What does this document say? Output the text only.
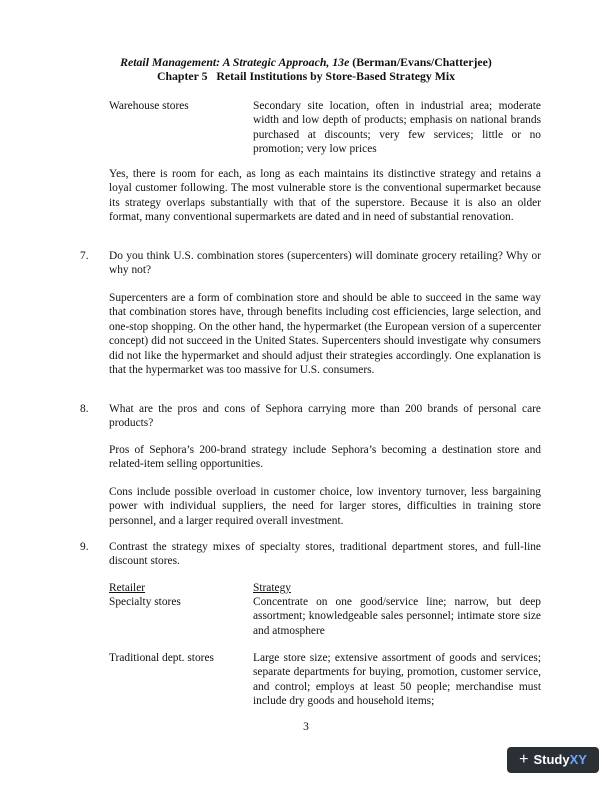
Retail Management: A Strategic Approach, 13e (Berman/Evans/Chatterjee)
Chapter 5   Retail Institutions by Store-Based Strategy Mix
Warehouse stores	Secondary site location, often in industrial area; moderate width and low depth of products; emphasis on national brands purchased at discounts; very few services; little or no promotion; very low prices
Yes, there is room for each, as long as each maintains its distinctive strategy and retains a loyal customer following. The most vulnerable store is the conventional supermarket because its strategy overlaps substantially with that of the superstore. Because it is also an older format, many conventional supermarkets are dated and in need of substantial renovation.
7. Do you think U.S. combination stores (supercenters) will dominate grocery retailing? Why or why not?
Supercenters are a form of combination store and should be able to succeed in the same way that combination stores have, through benefits including cost efficiencies, large selection, and one-stop shopping. On the other hand, the hypermarket (the European version of a supercenter concept) did not succeed in the United States. Supercenters should investigate why consumers did not like the hypermarket and should adjust their strategies accordingly. One explanation is that the hypermarket was too massive for U.S. consumers.
8. What are the pros and cons of Sephora carrying more than 200 brands of personal care products?
Pros of Sephora’s 200-brand strategy include Sephora’s becoming a destination store and related-item selling opportunities.
Cons include possible overload in customer choice, low inventory turnover, less bargaining power with individual suppliers, the need for larger stores, difficulties in training store personnel, and a larger required overall investment.
9. Contrast the strategy mixes of specialty stores, traditional department stores, and full-line discount stores.
Retailer	Strategy
Specialty stores	Concentrate on one good/service line; narrow, but deep assortment; knowledgeable sales personnel; intimate store size and atmosphere
Traditional dept. stores	Large store size; extensive assortment of goods and services; separate departments for buying, promotion, customer service, and control; employs at least 50 people; merchandise must include dry goods and household items;
3
+ StudyXY
